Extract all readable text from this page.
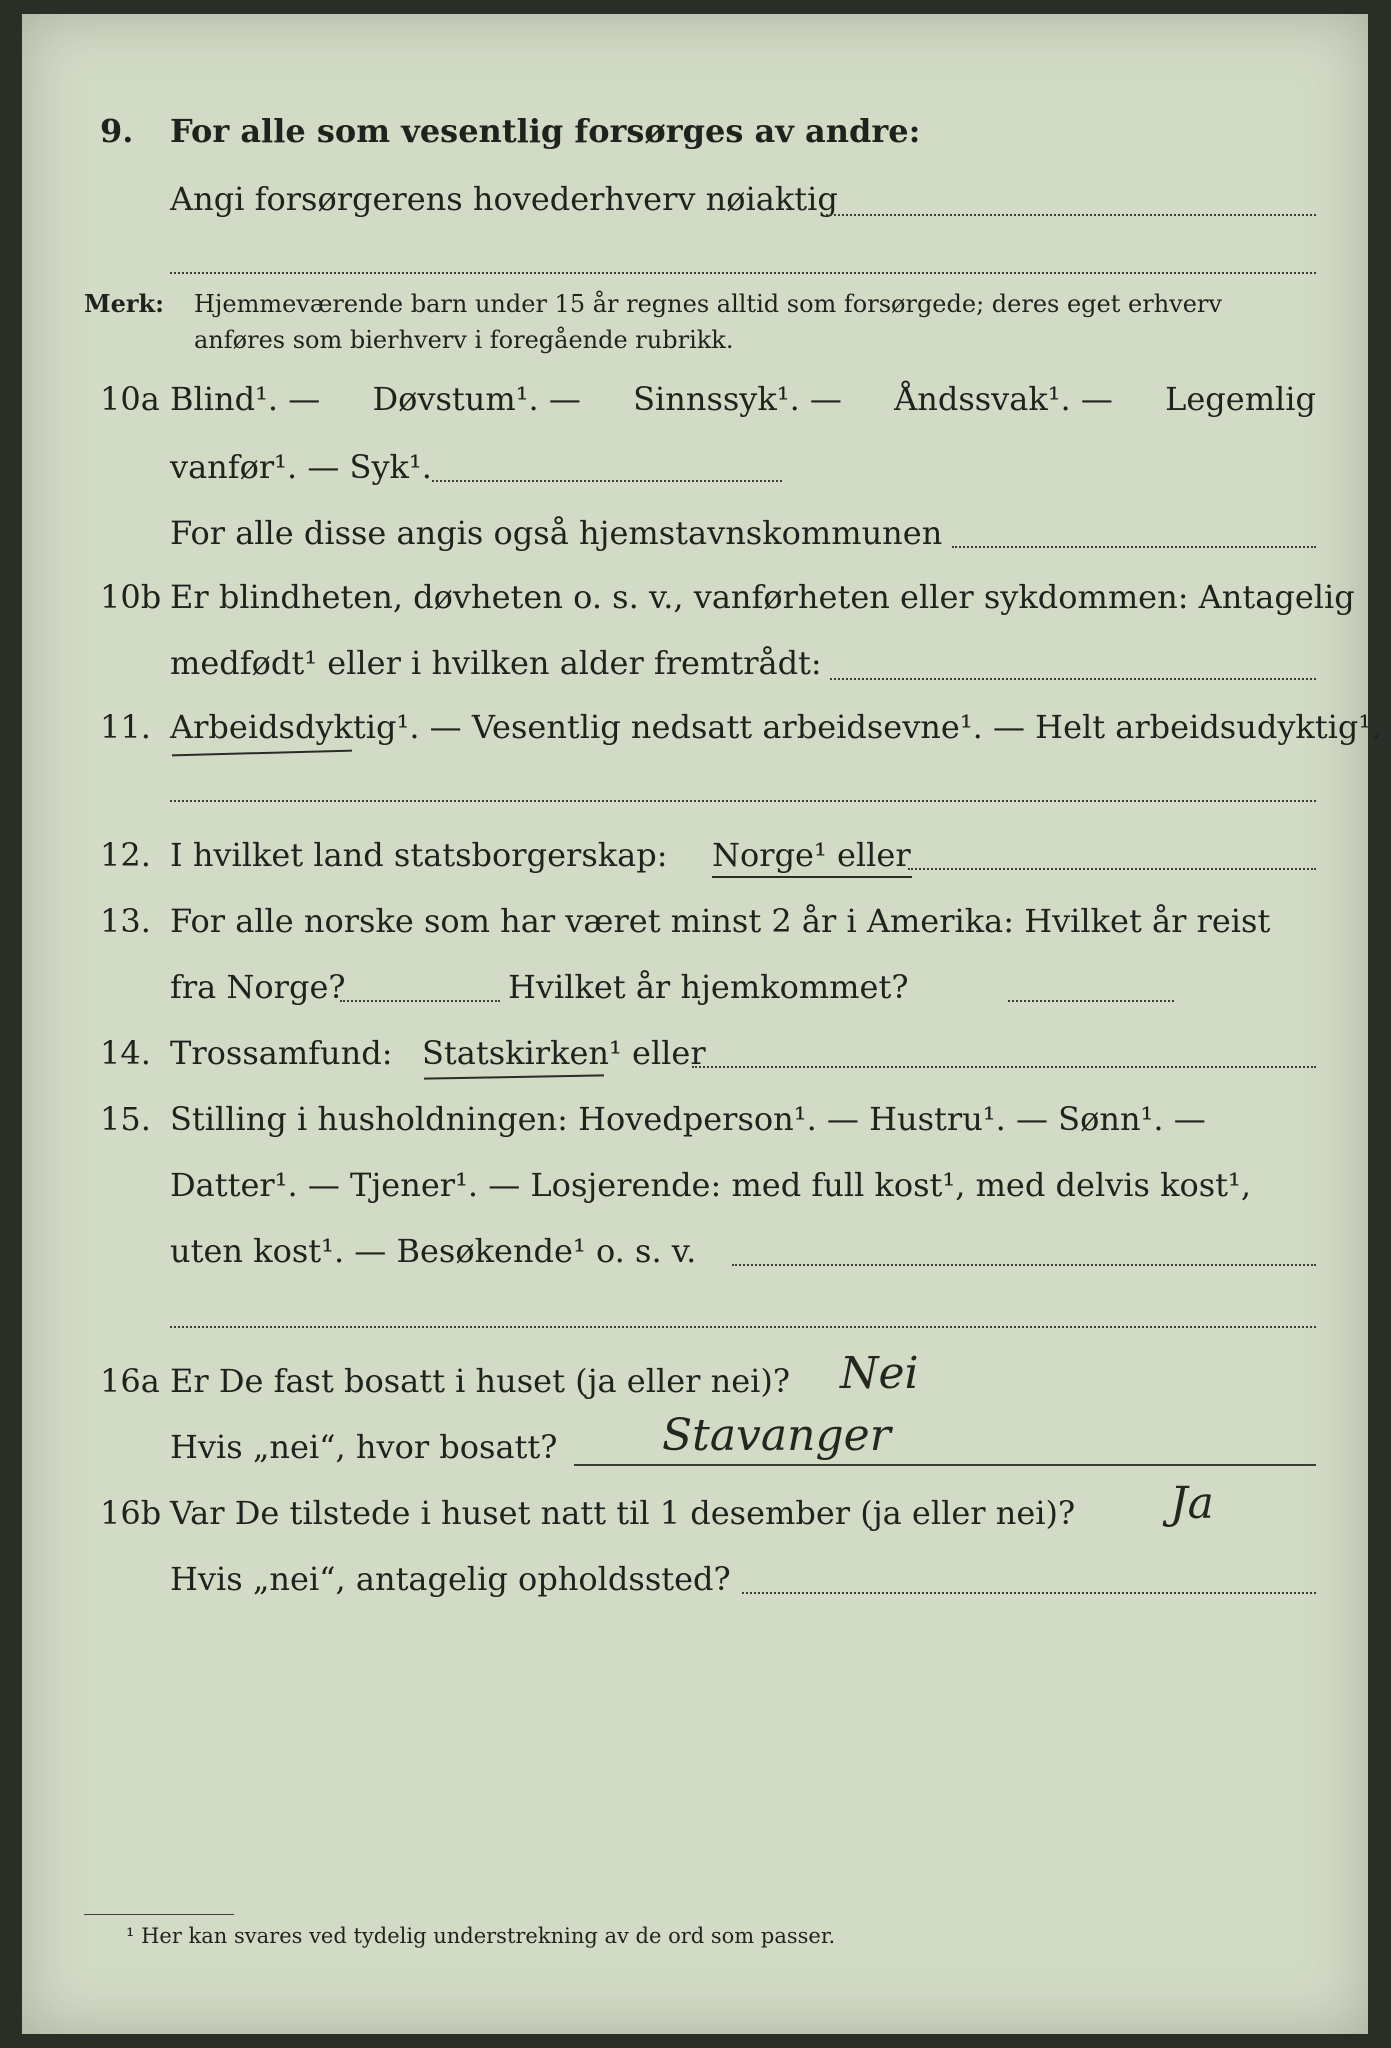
9. For alle som vesentlig forsørges av andre:
Angi forsørgerens hovederhverv nøiaktig
Merk: Hjemmeværende barn under 15 år regnes alltid som forsørgede; deres eget erhverv
anføres som bierhverv i foregående rubrikk.
10a Blind¹. — Døvstum¹. — Sinnssyk¹. — Åndssvak¹. — Legemlig
vanfør¹. — Syk¹.
For alle disse angis også hjemstavnskommunen
10b Er blindheten, døvheten o. s. v., vanførheten eller sykdommen: Antagelig
medfødt¹ eller i hvilken alder fremtrådt:
11. Arbeidsdyktig¹. — Vesentlig nedsatt arbeidsevne¹. — Helt arbeidsudyktig¹.
12. I hvilket land statsborgerskap: Norge¹ eller
13. For alle norske som har været minst 2 år i Amerika: Hvilket år reist
fra Norge?	Hvilket år hjemkommet?
14. Trossamfund: Statskirken¹ eller
15. Stilling i husholdningen: Hovedperson¹. — Hustru¹. — Sønn¹. —
Datter¹. — Tjener¹. — Losjerende: med full kost¹, med delvis kost¹,
uten kost¹. — Besøkende¹ o. s. v.
16a Er De fast bosatt i huset (ja eller nei)? Nei
Hvis „nei“, hvor bosatt? Stavanger
16b Var De tilstede i huset natt til 1 desember (ja eller nei)? Ja
Hvis „nei“, antagelig opholdssted?
¹ Her kan svares ved tydelig understrekning av de ord som passer.
